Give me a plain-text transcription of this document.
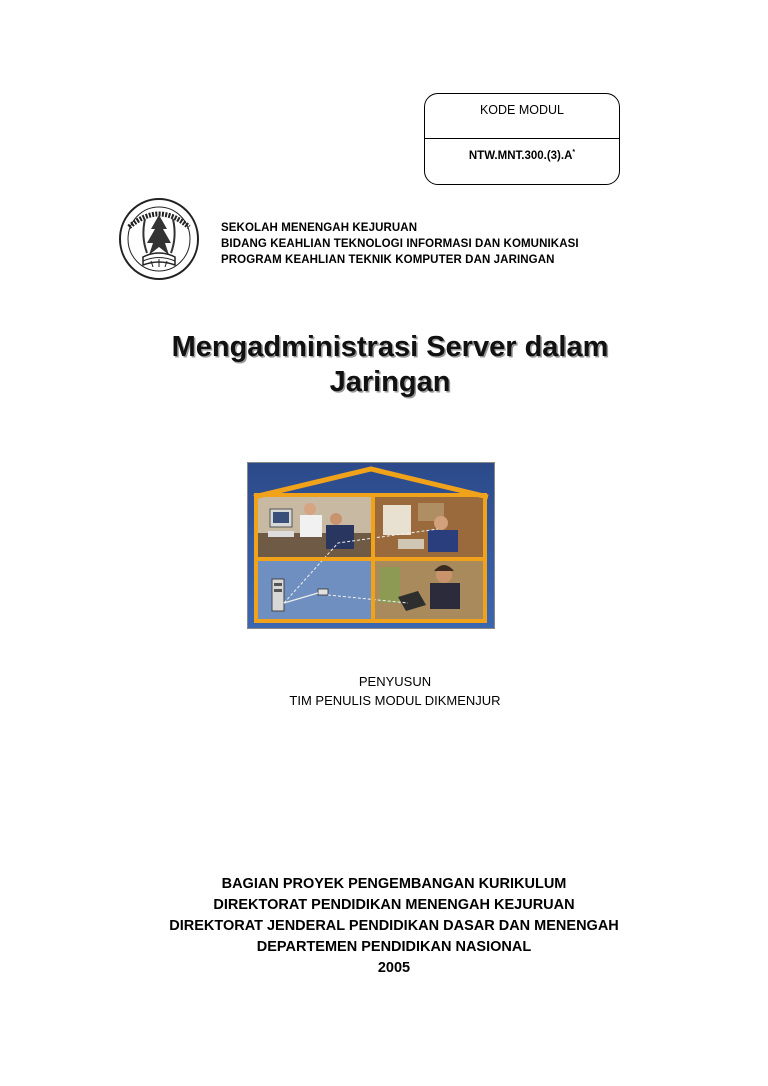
KODE MODUL
NTW.MNT.300.(3).A*
SEKOLAH MENENGAH KEJURUAN
BIDANG KEAHLIAN TEKNOLOGI INFORMASI DAN KOMUNIKASI
PROGRAM KEAHLIAN TEKNIK KOMPUTER DAN JARINGAN
Mengadministrasi Server dalam
Jaringan
PENYUSUN
TIM PENULIS MODUL DIKMENJUR
BAGIAN PROYEK PENGEMBANGAN KURIKULUM
DIREKTORAT PENDIDIKAN MENENGAH KEJURUAN
DIREKTORAT JENDERAL PENDIDIKAN DASAR DAN MENENGAH
DEPARTEMEN PENDIDIKAN NASIONAL
2005
